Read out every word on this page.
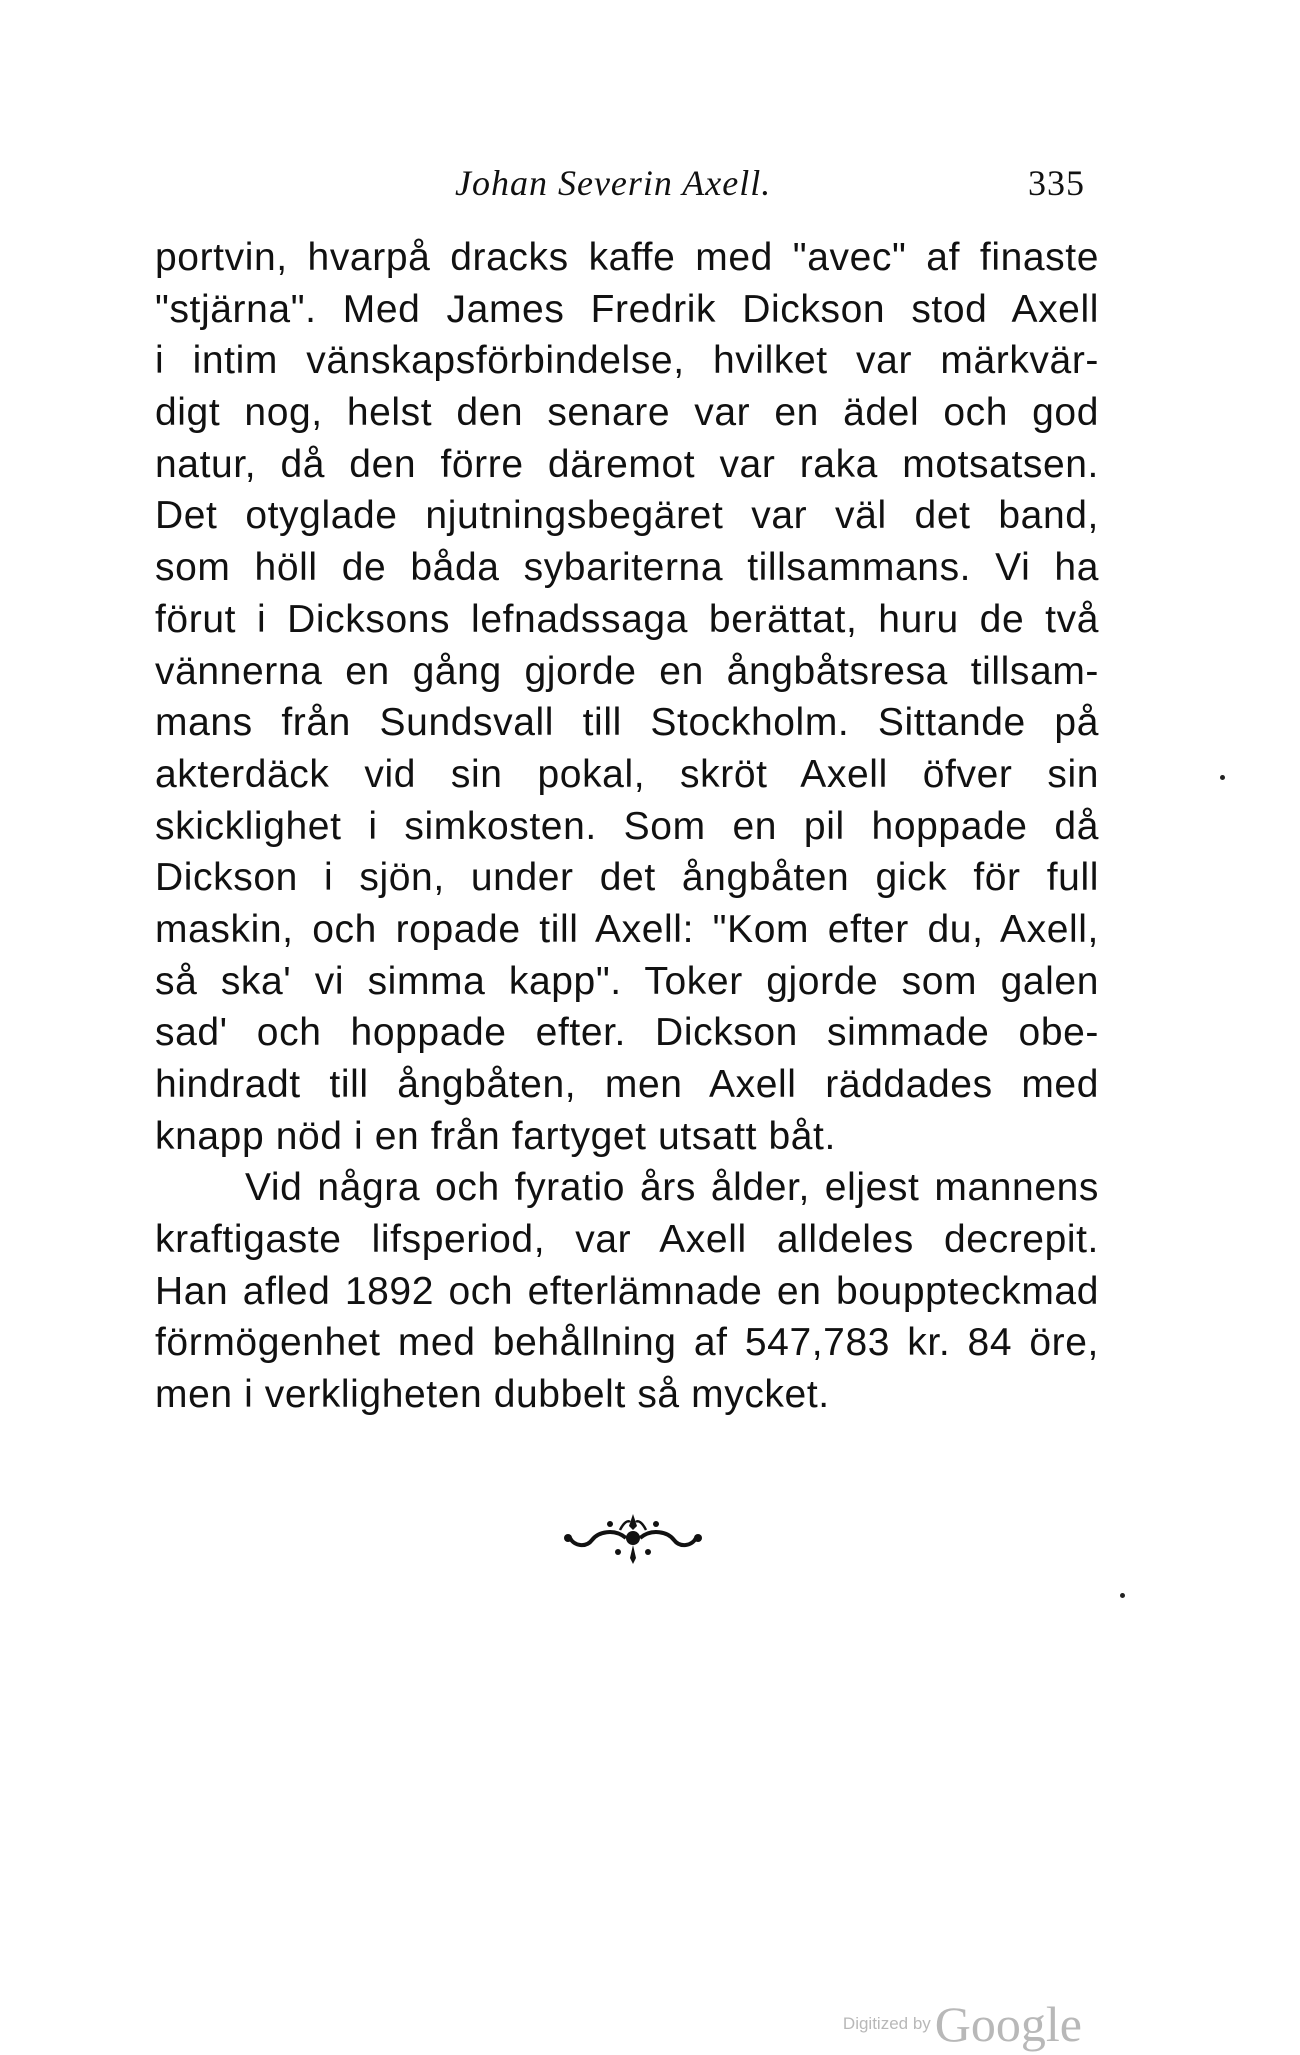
Johan Severin Axell.	335
portvin, hvarpå dracks kaffe med "avec" af finaste
"stjärna". Med James Fredrik Dickson stod Axell
i intim vänskapsförbindelse, hvilket var märkvär-
digt nog, helst den senare var en ädel och god
natur, då den förre däremot var raka motsatsen.
Det otyglade njutningsbegäret var väl det band,
som höll de båda sybariterna tillsammans. Vi ha
förut i Dicksons lefnadssaga berättat, huru de två
vännerna en gång gjorde en ångbåtsresa tillsam-
mans från Sundsvall till Stockholm. Sittande på
akterdäck vid sin pokal, skröt Axell öfver sin
skicklighet i simkosten. Som en pil hoppade då
Dickson i sjön, under det ångbåten gick för full
maskin, och ropade till Axell: "Kom efter du, Axell,
så ska' vi simma kapp". Toker gjorde som galen
sad' och hoppade efter. Dickson simmade obe-
hindradt till ångbåten, men Axell räddades med
knapp nöd i en från fartyget utsatt båt.
Vid några och fyratio års ålder, eljest mannens
kraftigaste lifsperiod, var Axell alldeles decrepit.
Han afled 1892 och efterlämnade en bouppteckmad
förmögenhet med behållning af 547,783 kr. 84 öre,
men i verkligheten dubbelt så mycket.
Digitized by Google
